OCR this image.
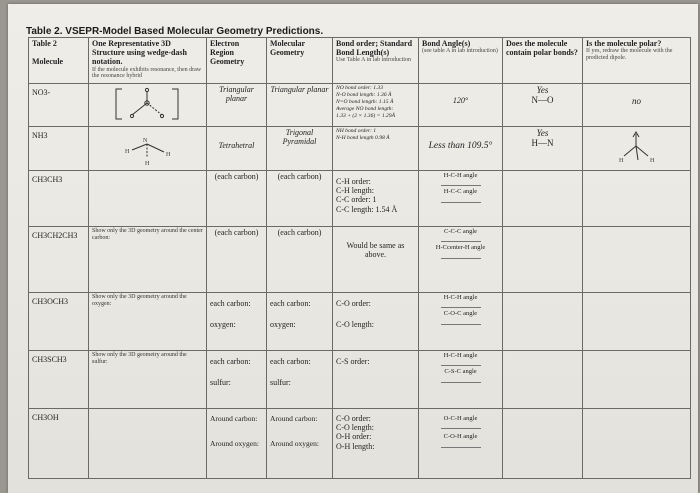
Table 2. VSEPR-Model Based Molecular Geometry Predictions.
Table 2

Molecule	One Representative 3D Structure using wedge-dash notation.
If the molecule exhibits resonance, then draw the resonance hybrid	Electron Region Geometry	Molecular Geometry	Bond order; Standard Bond Length(s)
Use Table A in lab introduction	Bond Angle(s)
(see table A in lab introduction)	Does the molecule contain polar bonds?	Is the molecule polar?
If yes, redraw the molecule with the predicted dipole.

NO3-		Triangular planar	Triangular planar	NO bond order: 1.33
N-O bond length: 1.36 Å
N=O bond length: 1.15 Å
Average NO bond length:
1.33 + (2 × 1.36) = 1.29Å	120°	Yes
N—O	no
NH3	N
H H
H	Tetrahetral	Trigonal Pyramidal	NH bond order: 1
N-H bond length 0.98 Å	Less than 109.5°	Yes
H—N	H H

CH3CH3		(each carbon)	(each carbon)	C-H order:
C-H length:
C-C order: 1
C-C length: 1.54 Å	H-C-H angle
H-C-C angle		

CH3CH2CH3	Show only the 3D geometry around the center carbon:	(each carbon)	(each carbon)	Would be same as above.	C-C-C angle
H-Ccenter-H angle		

CH3OCH3	Show only the 3D geometry around the oxygen:	each carbon:
oxygen:	each carbon:
oxygen:	C-O order:
C-O length:	H-C-H angle
C-O-C angle		

CH3SCH3	Show only the 3D geometry around the sulfur:	each carbon:
sulfur:	each carbon:
sulfur:	C-S order:	H-C-H angle
C-S-C angle		

CH3OH		Around carbon:
Around oxygen:	Around carbon:
Around oxygen:	C-O order:
C-O length:
O-H order:
O-H length:	O-C-H angle
C-O-H angle		
